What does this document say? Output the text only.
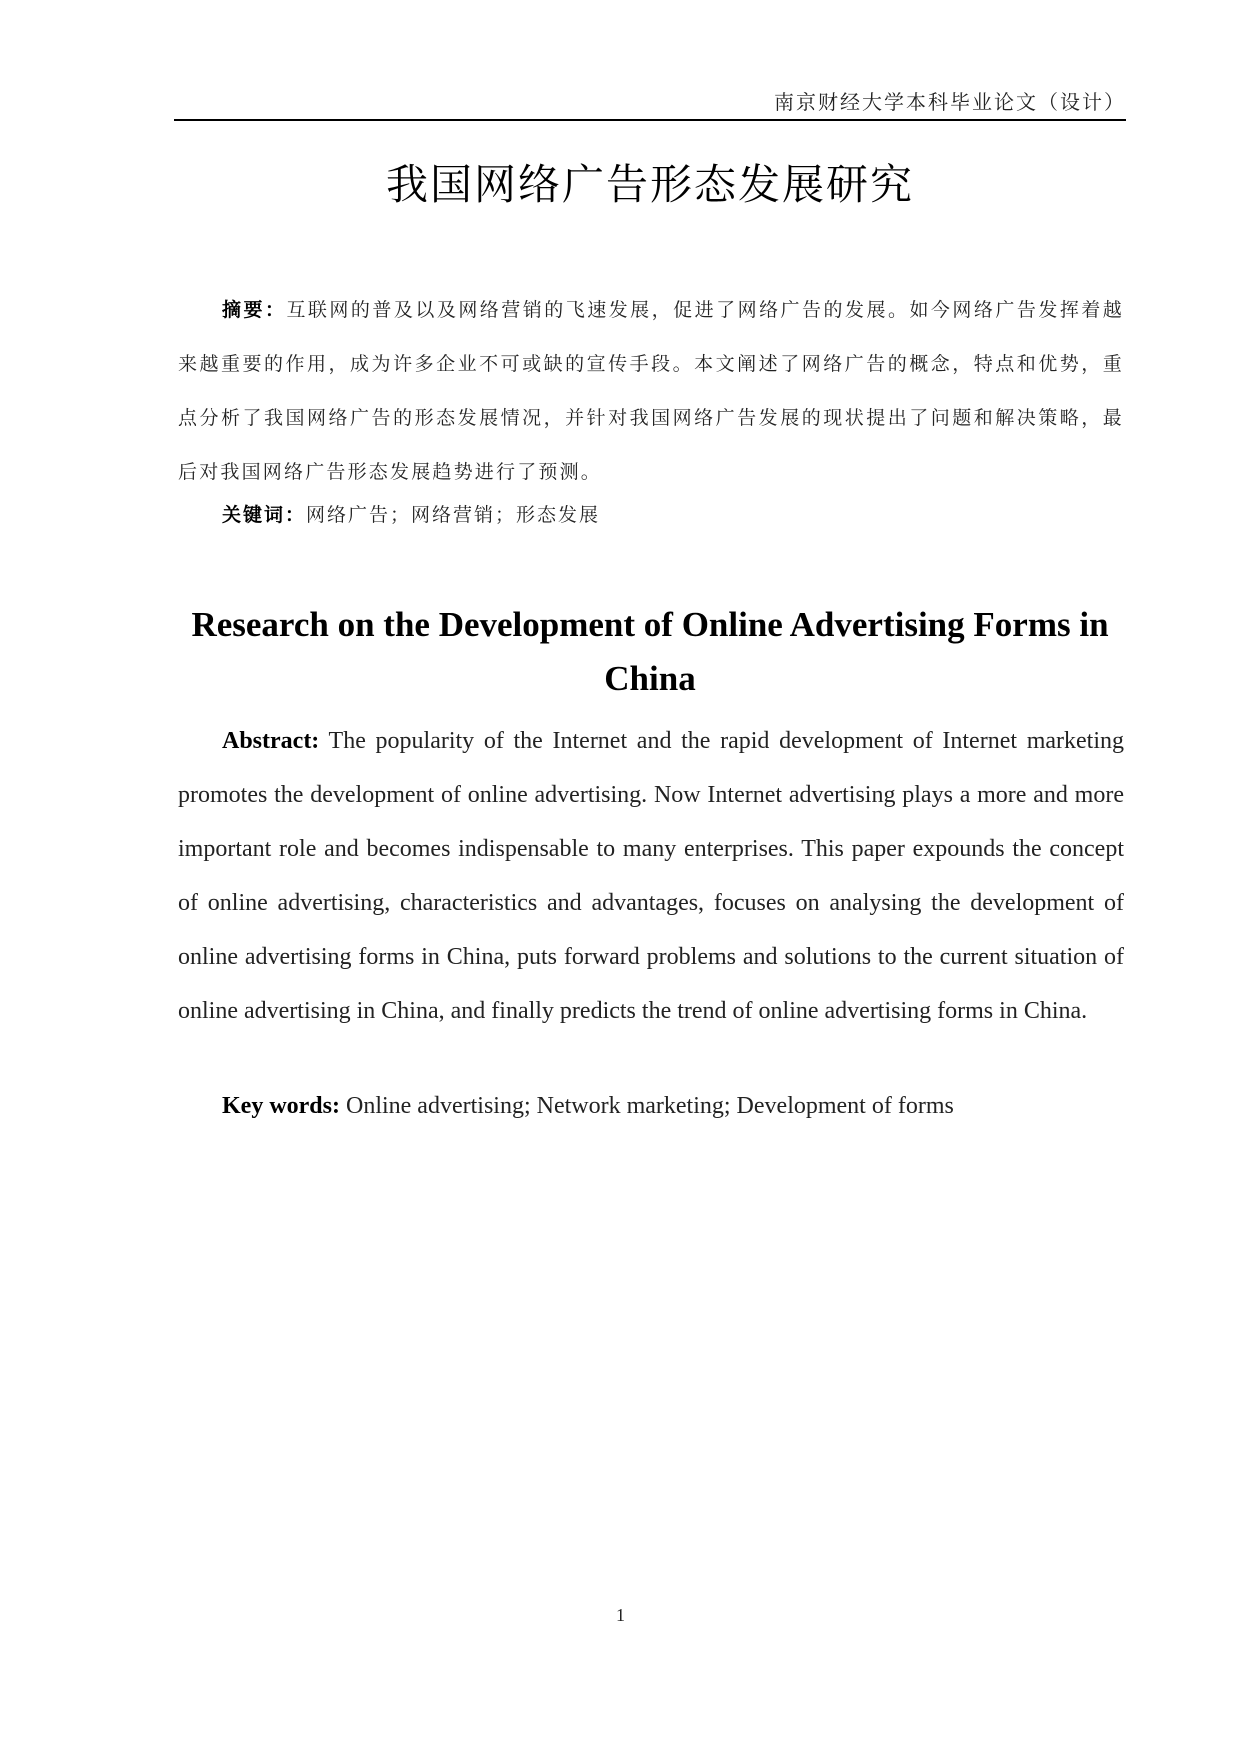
南京财经大学本科毕业论文（设计）
我国网络广告形态发展研究

摘要：互联网的普及以及网络营销的飞速发展，促进了网络广告的发展。如今网络广告发挥着越来越重要的作用，成为许多企业不可或缺的宣传手段。本文阐述了网络广告的概念，特点和优势，重点分析了我国网络广告的形态发展情况，并针对我国网络广告发展的现状提出了问题和解决策略，最后对我国网络广告形态发展趋势进行了预测。

关键词：网络广告；网络营销；形态发展

Research on the Development of Online Advertising Forms in China

Abstract: The popularity of the Internet and the rapid development of Internet marketing promotes the development of online advertising. Now Internet advertising plays a more and more important role and becomes indispensable to many enterprises. This paper expounds the concept of online advertising, characteristics and advantages, focuses on analysing the development of online advertising forms in China, puts forward problems and solutions to the current situation of online advertising in China, and finally predicts the trend of online advertising forms in China.

Key words: Online advertising; Network marketing; Development of forms

1
